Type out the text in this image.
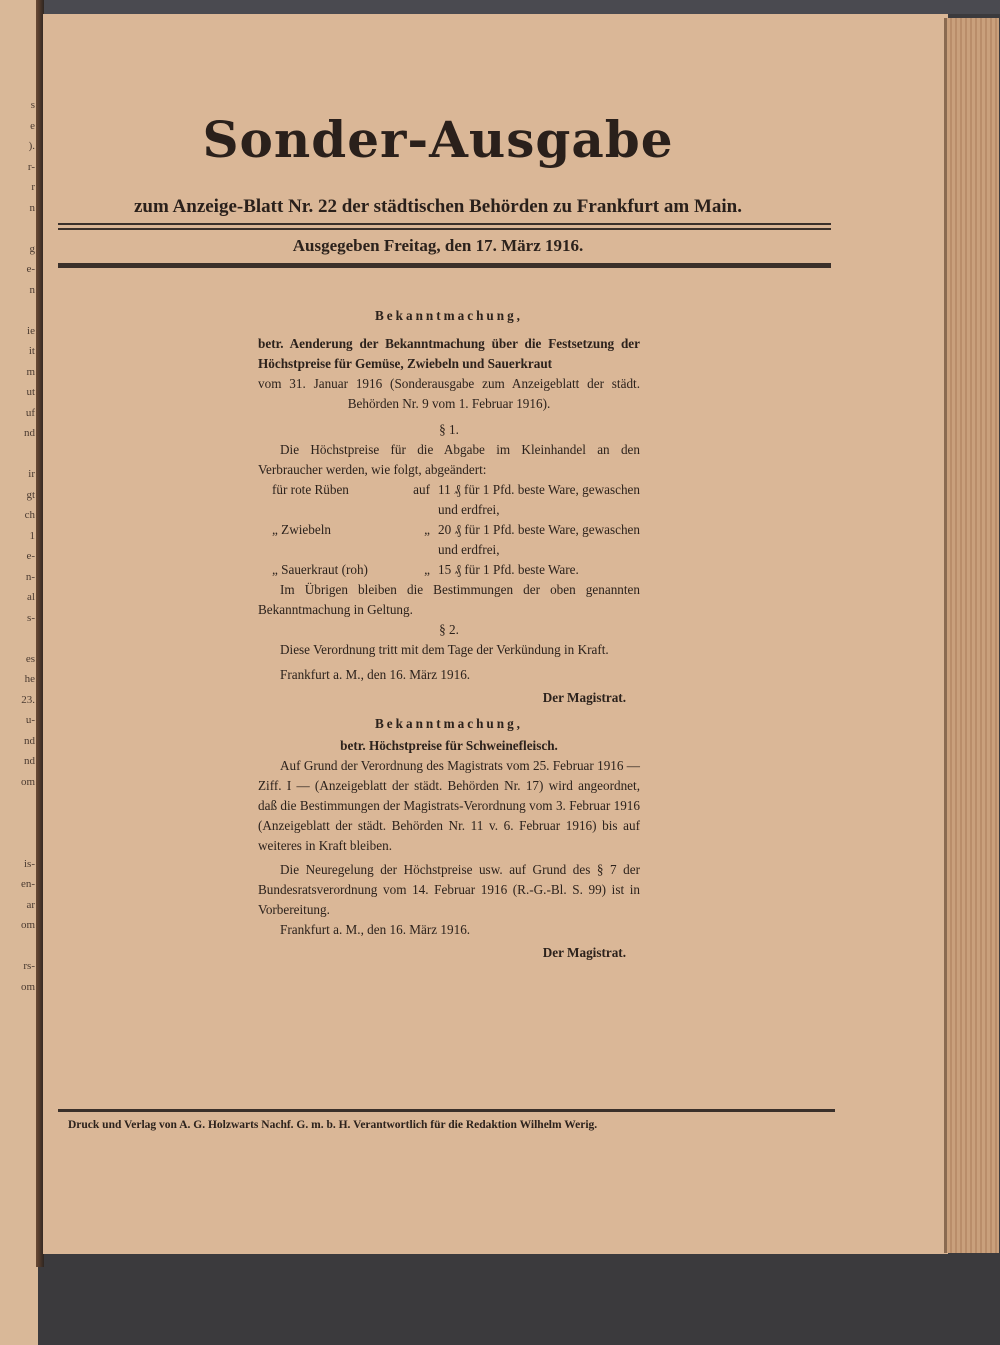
s
e
).
r-
r
n

g
e-
n

ie
it
m
ut
uf
nd

ir
gt
ch
1
e-
n-
al
s-

es
he
23.
u-
nd
nd
om

is-
en-
ar
om

rs-
om
Sonder-Ausgabe
zum Anzeige-Blatt Nr. 22 der städtischen Behörden zu Frankfurt am Main.
Ausgegeben Freitag, den 17. März 1916.

Bekanntmachung,

betr. Aenderung der Bekanntmachung über die Festsetzung der Höchstpreise für Gemüse, Zwiebeln und Sauerkraut

vom 31. Januar 1916 (Sonderausgabe zum Anzeigeblatt der städt. Behörden Nr. 9 vom 1. Februar 1916).

§ 1.

Die Höchstpreise für die Abgabe im Kleinhandel an den Verbraucher werden, wie folgt, abgeändert:

für rote Rüben	auf 11 ₰ für 1 Pfd. beste Ware, gewaschen und erdfrei,
„ Zwiebeln	„ 20 ₰ für 1 Pfd. beste Ware, gewaschen und erdfrei,
„ Sauerkraut (roh)	„ 15 ₰ für 1 Pfd. beste Ware.

Im Übrigen bleiben die Bestimmungen der oben genannten Bekanntmachung in Geltung.

§ 2.

Diese Verordnung tritt mit dem Tage der Verkündung in Kraft.

Frankfurt a. M., den 16. März 1916.

Der Magistrat.

Bekanntmachung,

betr. Höchstpreise für Schweinefleisch.

Auf Grund der Verordnung des Magistrats vom 25. Februar 1916 — Ziff. I — (Anzeigeblatt der städt. Behörden Nr. 17) wird angeordnet, daß die Bestimmungen der Magistrats-Verordnung vom 3. Februar 1916 (Anzeigeblatt der städt. Behörden Nr. 11 v. 6. Februar 1916) bis auf weiteres in Kraft bleiben.

Die Neuregelung der Höchstpreise usw. auf Grund des § 7 der Bundesratsverordnung vom 14. Februar 1916 (R.-G.-Bl. S. 99) ist in Vorbereitung.

Frankfurt a. M., den 16. März 1916.

Der Magistrat.

Druck und Verlag von A. G. Holzwarts Nachf. G. m. b. H. Verantwortlich für die Redaktion Wilhelm Werig.
